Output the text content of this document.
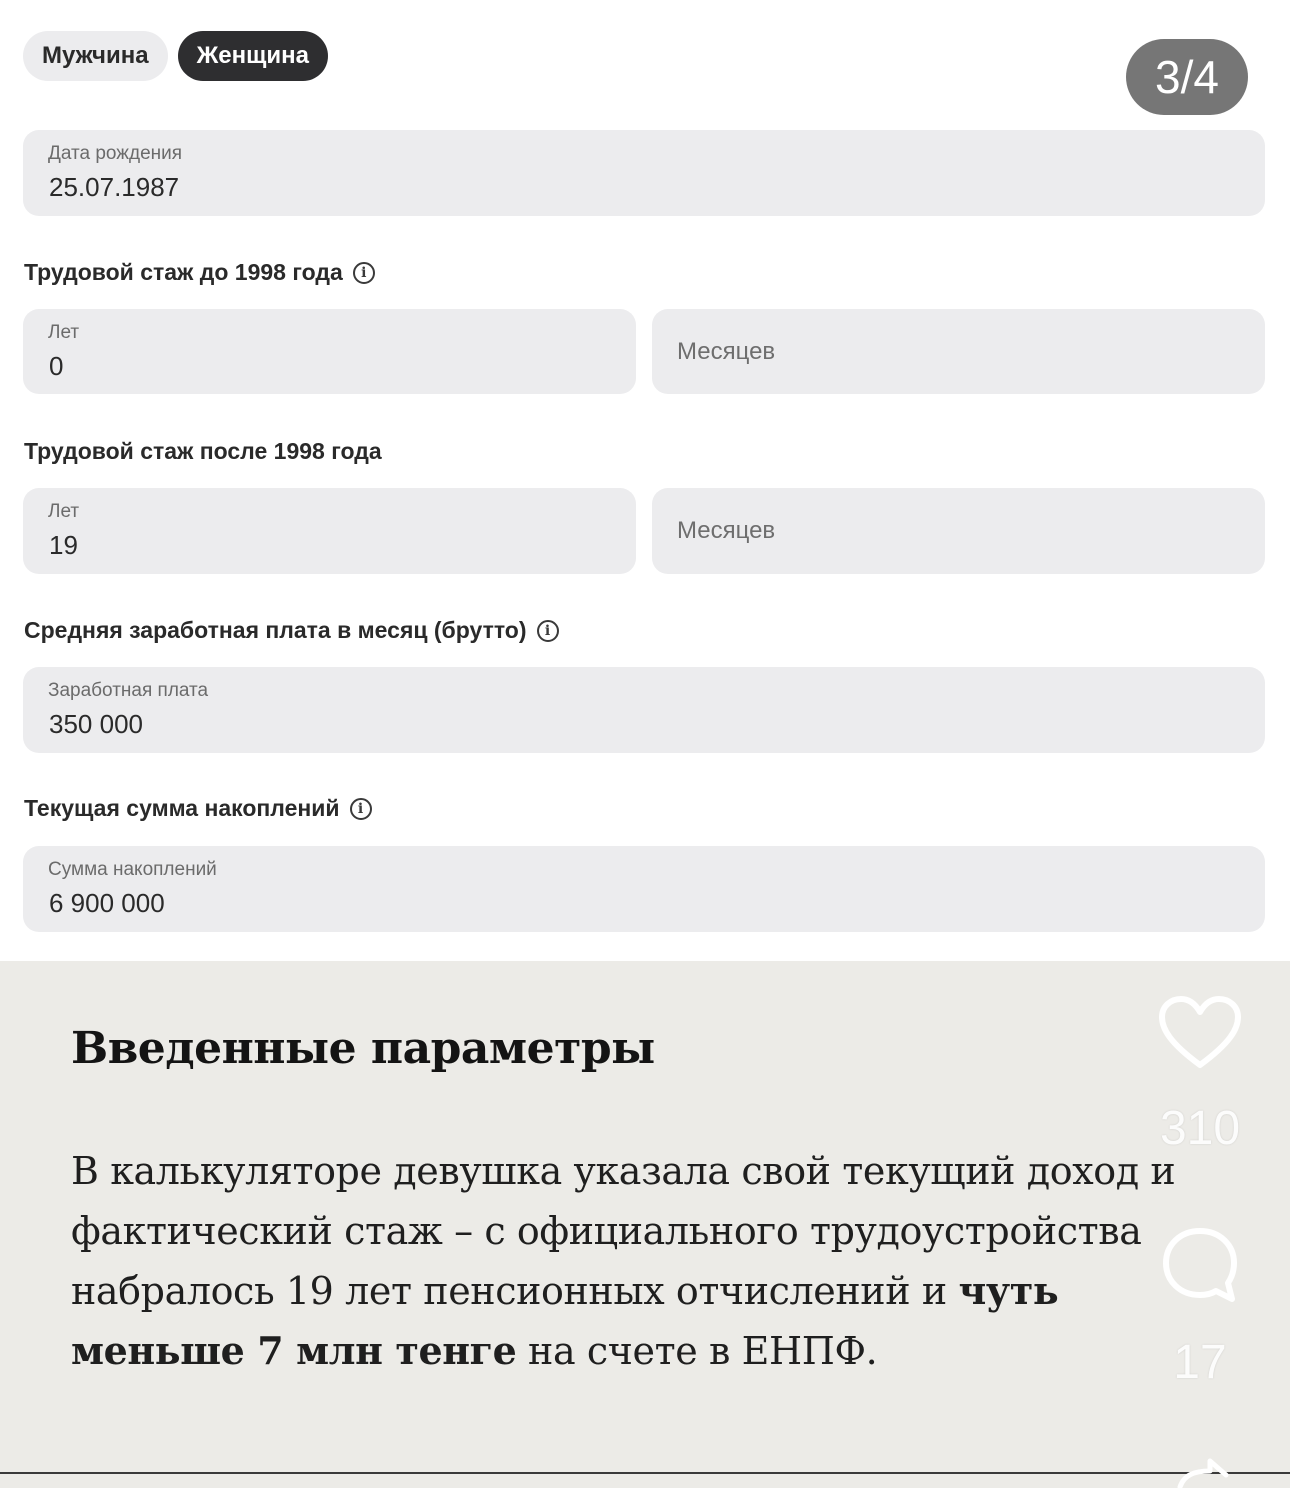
Мужчина	Женщина	3/4
Дата рождения
25.07.1987
Трудовой стаж до 1998 года	i
Лет
0	Месяцев
Трудовой стаж после 1998 года
Лет
19	Месяцев
Средняя заработная плата в месяц (брутто)	i
Заработная плата
350 000
Текущая сумма накоплений	i
Сумма накоплений
6 900 000
Введенные параметры
В калькуляторе девушка указала свой текущий доход и фактический стаж – с официального трудоустройства набралось 19 лет пенсионных отчислений и чуть меньше 7 млн тенге на счете в ЕНПФ.
310
17
